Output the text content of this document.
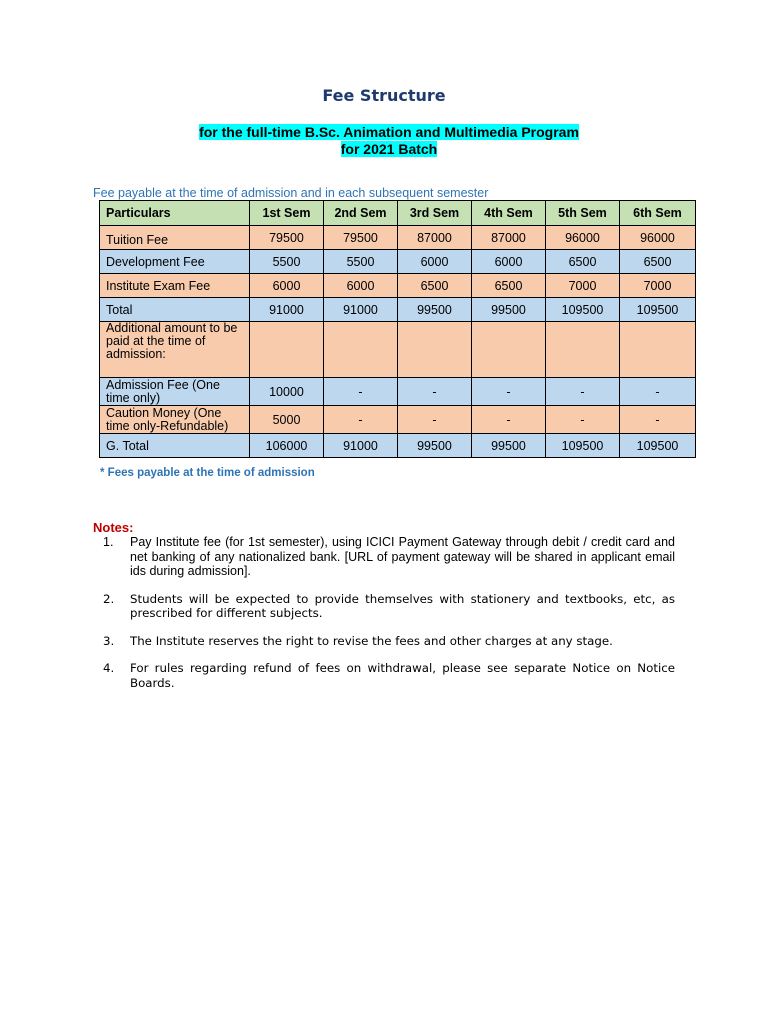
Fee Structure
for the full-time B.Sc. Animation and Multimedia Program
for 2021 Batch
Fee payable at the time of admission and in each subsequent semester
Particulars	1st Sem	2nd Sem	3rd Sem	4th Sem	5th Sem	6th Sem
Tuition Fee	79500	79500	87000	87000	96000	96000
Development Fee	5500	5500	6000	6000	6500	6500
Institute Exam Fee	6000	6000	6500	6500	7000	7000
Total	91000	91000	99500	99500	109500	109500
Additional amount to be paid at the time of admission:						
Admission Fee (One time only)	10000	-	-	-	-	-
Caution Money (One time only-Refundable)	5000	-	-	-	-	-
G. Total	106000	91000	99500	99500	109500	109500
* Fees payable at the time of admission
Notes:
1. Pay Institute fee (for 1st semester), using ICICI Payment Gateway through debit / credit card and net banking of any nationalized bank. [URL of payment gateway will be shared in applicant email ids during admission].
2. Students will be expected to provide themselves with stationery and textbooks, etc, as prescribed for different subjects.
3. The Institute reserves the right to revise the fees and other charges at any stage.
4. For rules regarding refund of fees on withdrawal, please see separate Notice on Notice Boards.
